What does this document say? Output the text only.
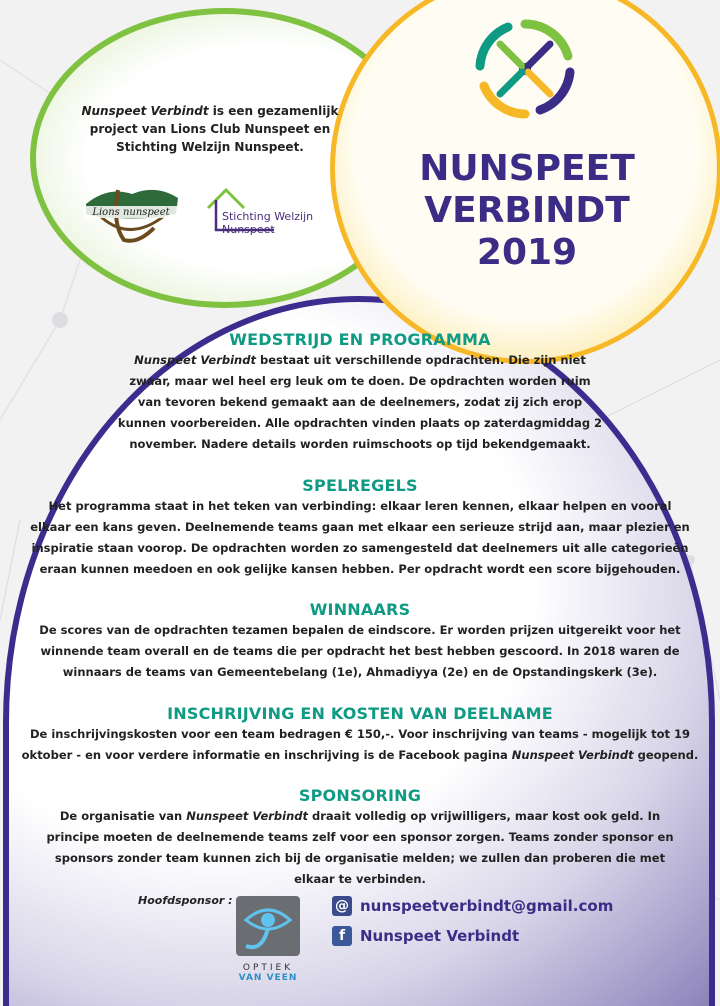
NUNSPEET
VERBINDT
2019
Nunspeet Verbindt is een gezamenlijk project van Lions Club Nunspeet en Stichting Welzijn Nunspeet.
Lions nunspeet	Stichting Welzijn
Nunspeet
WEDSTRIJD EN PROGRAMMA

Nunspeet Verbindt bestaat uit verschillende opdrachten. Die zijn niet zwaar, maar wel heel erg leuk om te doen. De opdrachten worden ruim van tevoren bekend gemaakt aan de deelnemers, zodat zij zich erop kunnen voorbereiden. Alle opdrachten vinden plaats op zaterdagmiddag 2 november. Nadere details worden ruimschoots op tijd bekendgemaakt.

SPELREGELS

Het programma staat in het teken van verbinding: elkaar leren kennen, elkaar helpen en vooral elkaar een kans geven. Deelnemende teams gaan met elkaar een serieuze strijd aan, maar plezier en inspiratie staan voorop. De opdrachten worden zo samengesteld dat deelnemers uit alle categorieën eraan kunnen meedoen en ook gelijke kansen hebben. Per opdracht wordt een score bijgehouden.

WINNAARS

De scores van de opdrachten tezamen bepalen de eindscore. Er worden prijzen uitgereikt voor het winnende team overall en de teams die per opdracht het best hebben gescoord. In 2018 waren de winnaars de teams van Gemeentebelang (1e), Ahmadiyya (2e) en de Opstandingskerk (3e).

INSCHRIJVING EN KOSTEN VAN DEELNAME

De inschrijvingskosten voor een team bedragen € 150,-. Voor inschrijving van teams - mogelijk tot 19 oktober - en voor verdere informatie en inschrijving is de Facebook pagina Nunspeet Verbindt geopend.

SPONSORING

De organisatie van Nunspeet Verbindt draait volledig op vrijwilligers, maar kost ook geld. In principe moeten de deelnemende teams zelf voor een sponsor zorgen. Teams zonder sponsor en sponsors zonder team kunnen zich bij de organisatie melden; we zullen dan proberen die met elkaar te verbinden.

Hoofdsponsor :
OPTIEK
VAN VEEN
@ nunspeetverbindt@gmail.com
f Nunspeet Verbindt
